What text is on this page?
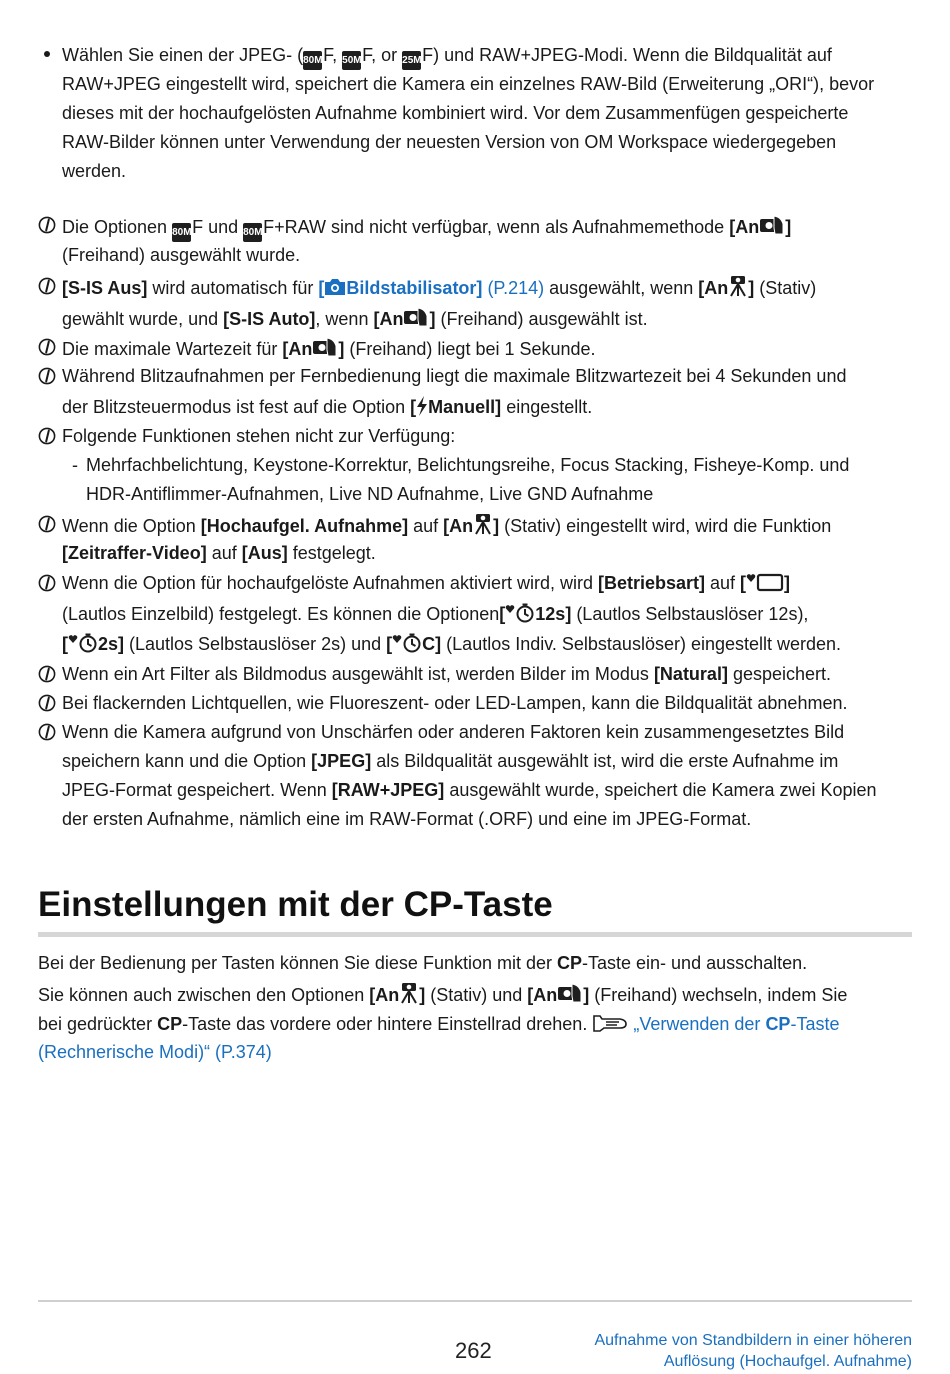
Wählen Sie einen der JPEG- (80MF, 50MF, or 25MF) und RAW+JPEG-Modi. Wenn die Bildqualität auf
RAW+JPEG eingestellt wird, speichert die Kamera ein einzelnes RAW-Bild (Erweiterung „ORI“), bevor
dieses mit der hochaufgelösten Aufnahme kombiniert wird. Vor dem Zusammenfügen gespeicherte
RAW-Bilder können unter Verwendung der neuesten Version von OM Workspace wiedergegeben
werden.
Die Optionen 80MF und 80MF+RAW sind nicht verfügbar, wenn als Aufnahmemethode [An ]
(Freihand) ausgewählt wurde.
[S-IS Aus] wird automatisch für [ Bildstabilisator] (P.214) ausgewählt, wenn [An ] (Stativ)
gewählt wurde, und [S-IS Auto], wenn [An ] (Freihand) ausgewählt ist.
Die maximale Wartezeit für [An ] (Freihand) liegt bei 1 Sekunde.
Während Blitzaufnahmen per Fernbedienung liegt die maximale Blitzwartezeit bei 4 Sekunden und
der Blitzsteuermodus ist fest auf die Option [ Manuell] eingestellt.
Folgende Funktionen stehen nicht zur Verfügung:
- Mehrfachbelichtung, Keystone-Korrektur, Belichtungsreihe, Focus Stacking, Fisheye-Komp. und
HDR-Antiflimmer-Aufnahmen, Live ND Aufnahme, Live GND Aufnahme
Wenn die Option [Hochaufgel. Aufnahme] auf [An ] (Stativ) eingestellt wird, wird die Funktion
[Zeitraffer-Video] auf [Aus] festgelegt.
Wenn die Option für hochaufgelöste Aufnahmen aktiviert wird, wird [Betriebsart] auf [ ]
(Lautlos Einzelbild) festgelegt. Es können die Optionen[ 12s] (Lautlos Selbstauslöser 12s),
[ 2s] (Lautlos Selbstauslöser 2s) und [ C] (Lautlos Indiv. Selbstauslöser) eingestellt werden.
Wenn ein Art Filter als Bildmodus ausgewählt ist, werden Bilder im Modus [Natural] gespeichert.
Bei flackernden Lichtquellen, wie Fluoreszent- oder LED-Lampen, kann die Bildqualität abnehmen.
Wenn die Kamera aufgrund von Unschärfen oder anderen Faktoren kein zusammengesetztes Bild
speichern kann und die Option [JPEG] als Bildqualität ausgewählt ist, wird die erste Aufnahme im
JPEG-Format gespeichert. Wenn [RAW+JPEG] ausgewählt wurde, speichert die Kamera zwei Kopien
der ersten Aufnahme, nämlich eine im RAW-Format (.ORF) und eine im JPEG-Format.
Einstellungen mit der CP-Taste
Bei der Bedienung per Tasten können Sie diese Funktion mit der CP-Taste ein- und ausschalten.
Sie können auch zwischen den Optionen [An ] (Stativ) und [An ] (Freihand) wechseln, indem Sie
bei gedrückter CP-Taste das vordere oder hintere Einstellrad drehen.  „Verwenden der CP-Taste
(Rechnerische Modi)“ (P.374)
262	Aufnahme von Standbildern in einer höheren
Auflösung (Hochaufgel. Aufnahme)
